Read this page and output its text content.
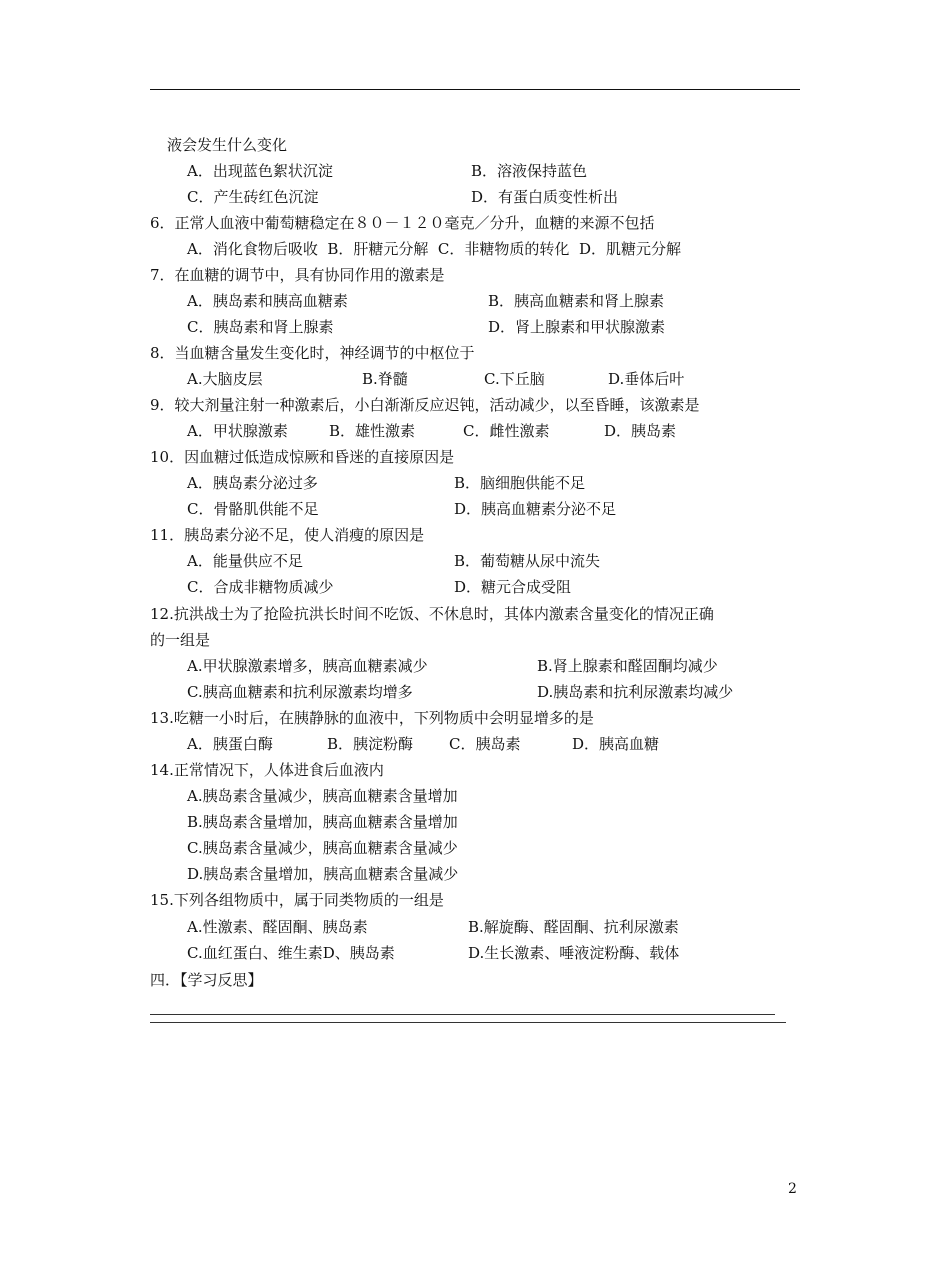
液会发生什么变化
A．出现蓝色絮状沉淀	B．溶液保持蓝色
C．产生砖红色沉淀	D．有蛋白质变性析出
6．正常人血液中葡萄糖稳定在８０－１２０毫克／分升，血糖的来源不包括
A．消化食物后吸收  B．肝糖元分解  C．非糖物质的转化  D．肌糖元分解
7．在血糖的调节中，具有协同作用的激素是
A．胰岛素和胰高血糖素	B．胰高血糖素和肾上腺素
C．胰岛素和肾上腺素	D．肾上腺素和甲状腺激素
8．当血糖含量发生变化时，神经调节的中枢位于
A.大脑皮层	B.脊髓	C.下丘脑	D.垂体后叶
9．较大剂量注射一种激素后，小白渐渐反应迟钝，活动减少，以至昏睡，该激素是
A．甲状腺激素	B．雄性激素	C．雌性激素	D．胰岛素
10．因血糖过低造成惊厥和昏迷的直接原因是
A．胰岛素分泌过多	B．脑细胞供能不足
C．骨骼肌供能不足	D．胰高血糖素分泌不足
11．胰岛素分泌不足，使人消瘦的原因是
A．能量供应不足	B．葡萄糖从尿中流失
C．合成非糖物质减少	D．糖元合成受阻
12.抗洪战士为了抢险抗洪长时间不吃饭、不休息时，其体内激素含量变化的情况正确
的一组是
A.甲状腺激素增多，胰高血糖素减少	B.肾上腺素和醛固酮均减少
C.胰高血糖素和抗利尿激素均增多	D.胰岛素和抗利尿激素均减少
13.吃糖一小时后，在胰静脉的血液中，下列物质中会明显增多的是
A．胰蛋白酶	B．胰淀粉酶 C．胰岛素	D．胰高血糖
14.正常情况下，人体进食后血液内
A.胰岛素含量减少，胰高血糖素含量增加
B.胰岛素含量增加，胰高血糖素含量增加
C.胰岛素含量减少，胰高血糖素含量减少
D.胰岛素含量增加，胰高血糖素含量减少
15.下列各组物质中，属于同类物质的一组是
A.性激素、醛固酮、胰岛素	B.解旋酶、醛固酮、抗利尿激素
C.血红蛋白、维生素D、胰岛素	D.生长激素、唾液淀粉酶、载体
四．【学习反思】
2
